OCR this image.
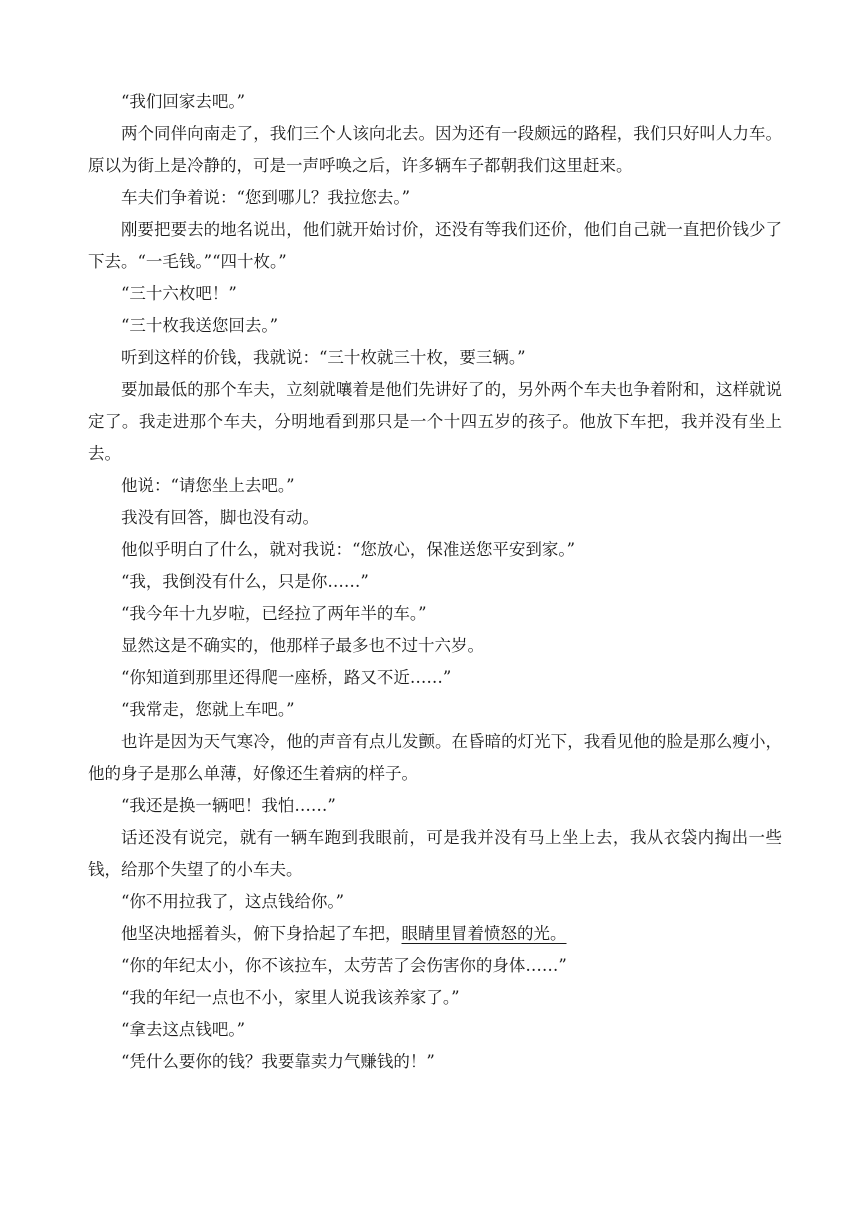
“我们回家去吧。”

两个同伴向南走了，我们三个人该向北去。因为还有一段颇远的路程，我们只好叫人力车。原以为街上是冷静的，可是一声呼唤之后，许多辆车子都朝我们这里赶来。

车夫们争着说：“您到哪儿？我拉您去。”

刚要把要去的地名说出，他们就开始讨价，还没有等我们还价，他们自己就一直把价钱少了下去。“一毛钱。”“四十枚。”

“三十六枚吧！”

“三十枚我送您回去。”

听到这样的价钱，我就说：“三十枚就三十枚，要三辆。”

要加最低的那个车夫，立刻就嚷着是他们先讲好了的，另外两个车夫也争着附和，这样就说定了。我走进那个车夫，分明地看到那只是一个十四五岁的孩子。他放下车把，我并没有坐上去。

他说：“请您坐上去吧。”

我没有回答，脚也没有动。

他似乎明白了什么，就对我说：“您放心，保准送您平安到家。”

“我，我倒没有什么，只是你……”

“我今年十九岁啦，已经拉了两年半的车。”

显然这是不确实的，他那样子最多也不过十六岁。

“你知道到那里还得爬一座桥，路又不近……”

“我常走，您就上车吧。”

也许是因为天气寒冷，他的声音有点儿发颤。在昏暗的灯光下，我看见他的脸是那么瘦小，他的身子是那么单薄，好像还生着病的样子。

“我还是换一辆吧！我怕……”

话还没有说完，就有一辆车跑到我眼前，可是我并没有马上坐上去，我从衣袋内掏出一些钱，给那个失望了的小车夫。

“你不用拉我了，这点钱给你。”

他坚决地摇着头，俯下身拾起了车把，眼睛里冒着愤怒的光。

“你的年纪太小，你不该拉车，太劳苦了会伤害你的身体……”

“我的年纪一点也不小，家里人说我该养家了。”

“拿去这点钱吧。”

“凭什么要你的钱？我要靠卖力气赚钱的！”
